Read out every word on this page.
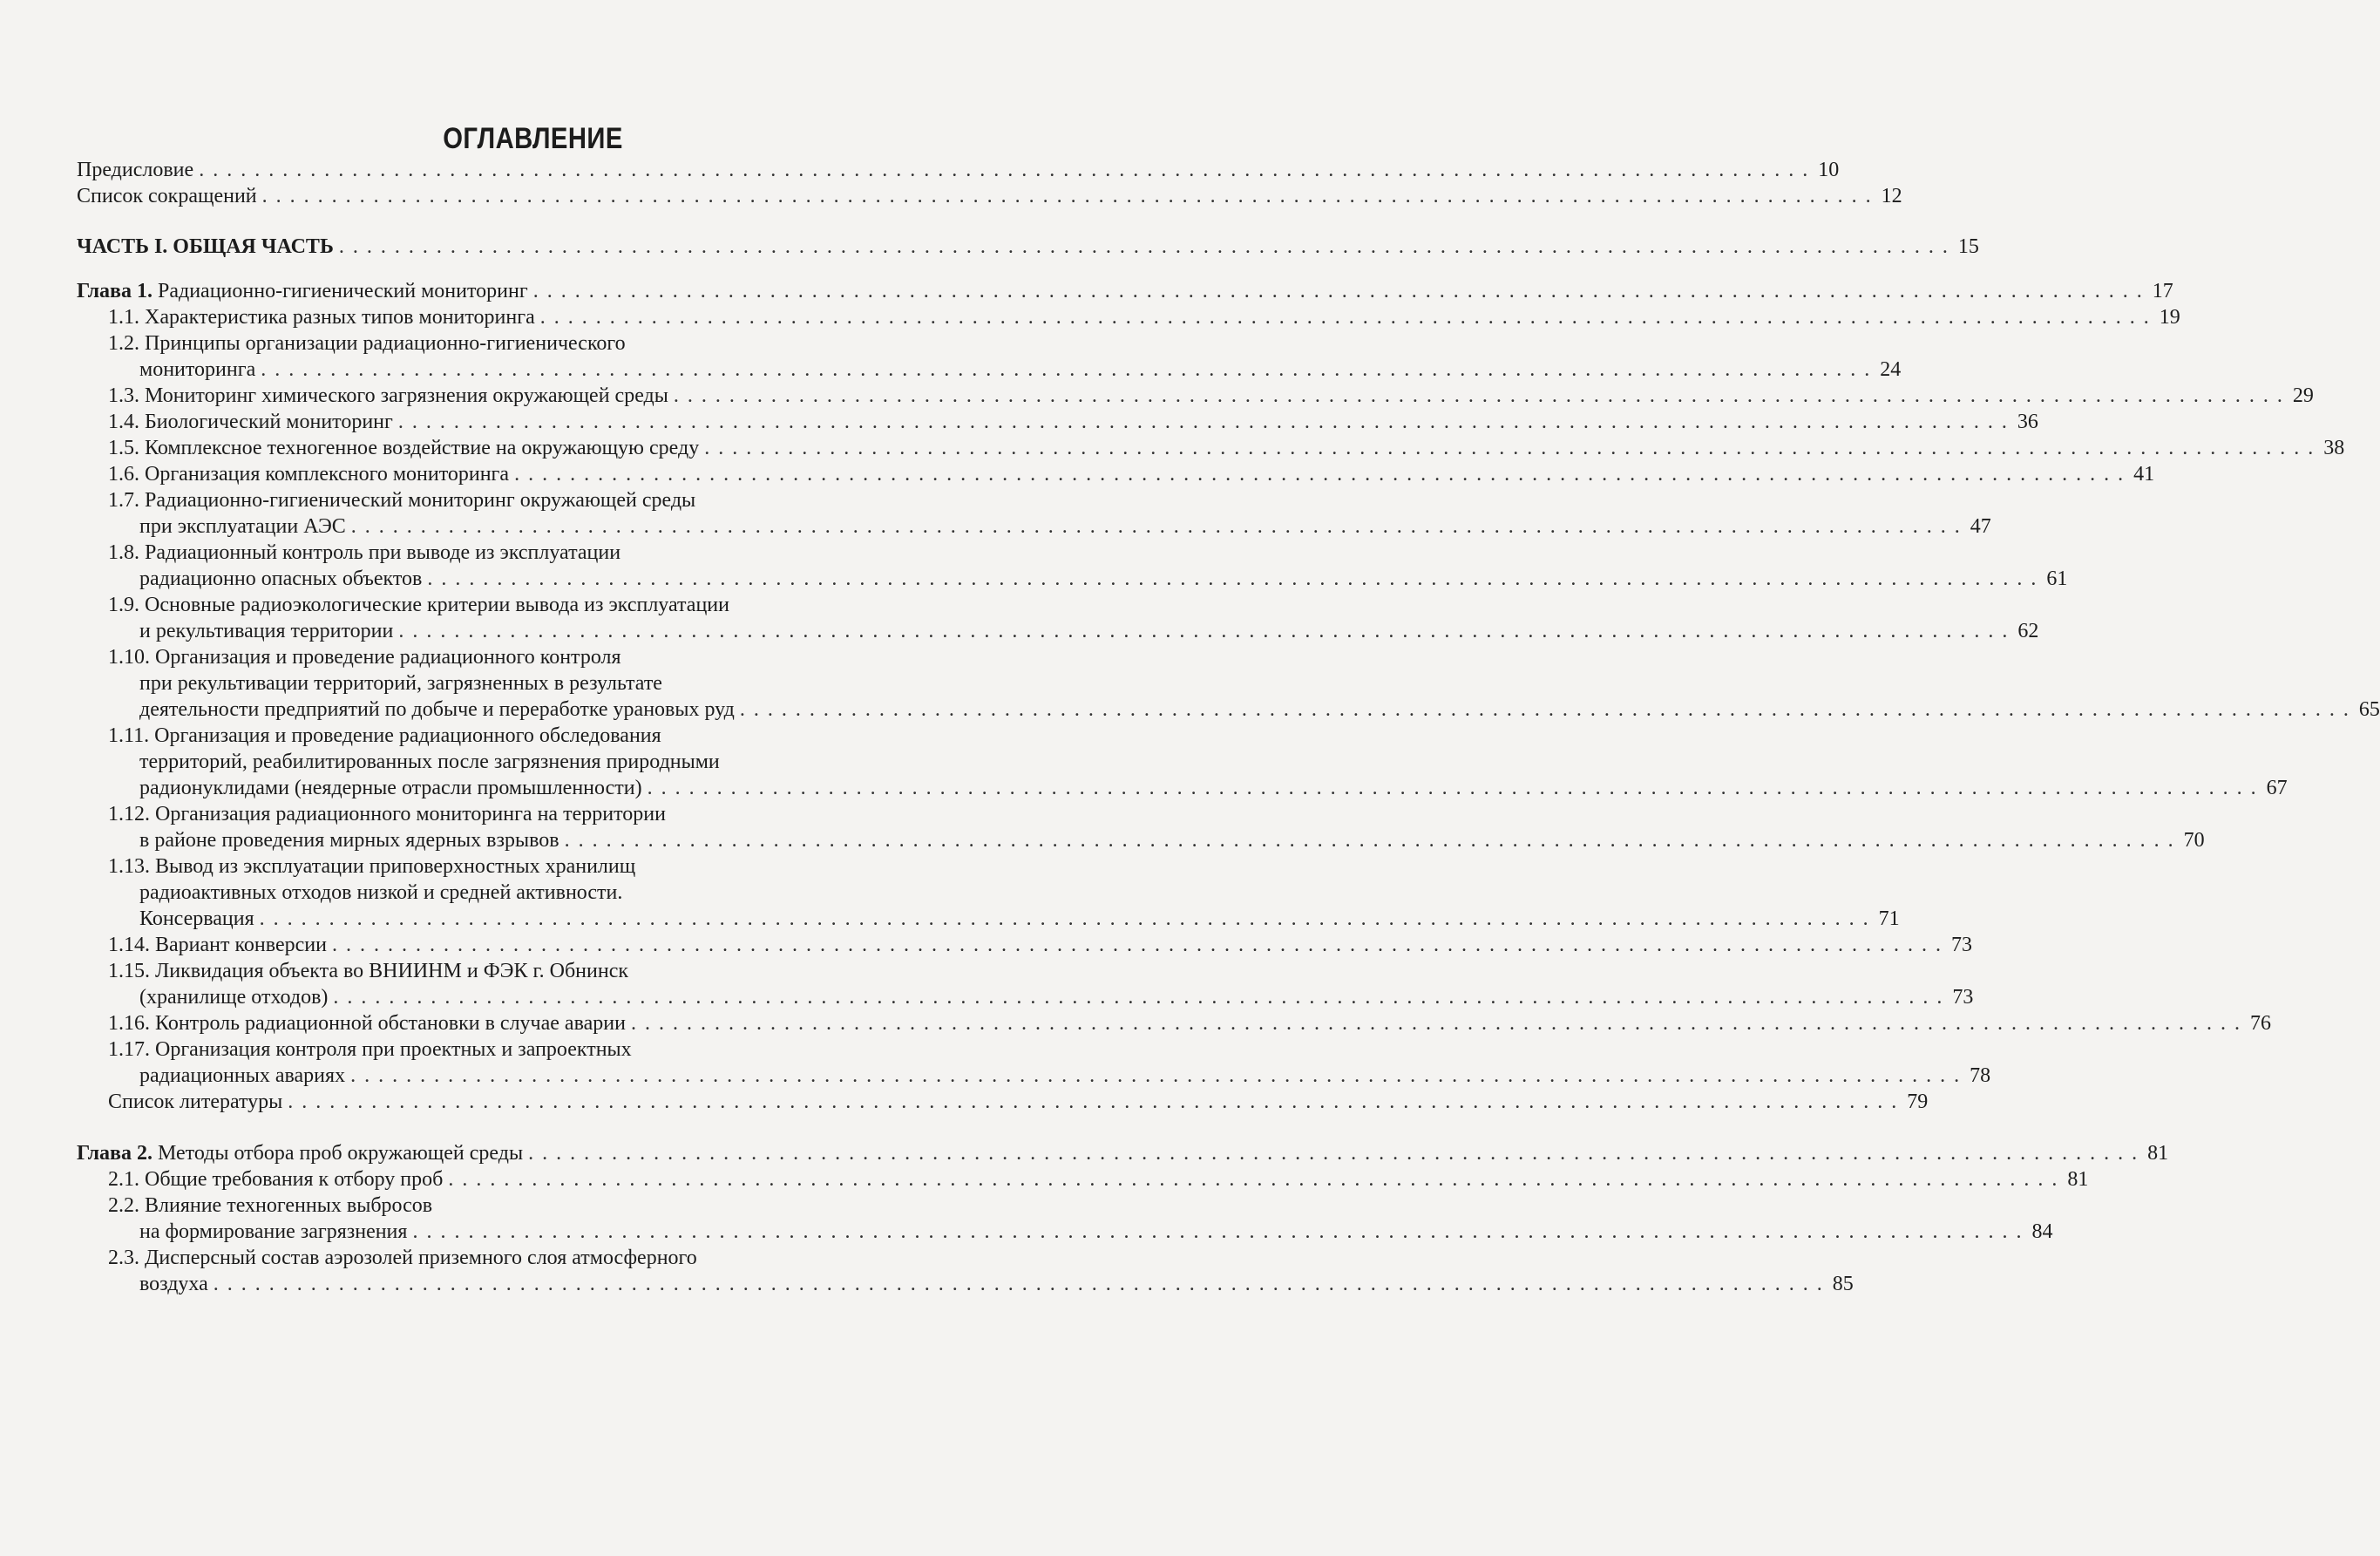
ОГЛАВЛЕНИЕ
Предисловие . . . . . . . . . . . . . . . . . . . . . . . . . . . . . . . . . . . . . . . . . . . . . . . . . . . . . . . . . . . . . . . . . . . . . . . . . . . . . . . . . . . . . . . . . . . . . . . . . . . . . . . . . . . . . . . . . . . . 10
Список сокращений . . . . . . . . . . . . . . . . . . . . . . . . . . . . . . . . . . . . . . . . . . . . . . . . . . . . . . . . . . . . . . . . . . . . . . . . . . . . . . . . . . . . . . . . . . . . . . . . . . . . . . . . . . . . . . . . . . . . 12
ЧАСТЬ I. ОБЩАЯ ЧАСТЬ . . . . . . . . . . . . . . . . . . . . . . . . . . . . . . . . . . . . . . . . . . . . . . . . . . . . . . . . . . . . . . . . . . . . . . . . . . . . . . . . . . . . . . . . . . . . . . . . . . . . . . . . . . . . . . . . . . . . 15
Глава 1. Радиационно-гигиенический мониторинг . . . . . . . . . . . . . . . . . . . . . . . . . . . . . . . . . . . . . . . . . . . . . . . . . . . . . . . . . . . . . . . . . . . . . . . . . . . . . . . . . . . . . . . . . . . . . . . . . . . . . . . . . . . . . . . . . . . . 17
1.1. Характеристика разных типов мониторинга . . . . . . . . . . . . . . . . . . . . . . . . . . . . . . . . . . . . . . . . . . . . . . . . . . . . . . . . . . . . . . . . . . . . . . . . . . . . . . . . . . . . . . . . . . . . . . . . . . . . . . . . . . . . . . . . . . . . 19
1.2. Принципы организации радиационно-гигиенического
мониторинга . . . . . . . . . . . . . . . . . . . . . . . . . . . . . . . . . . . . . . . . . . . . . . . . . . . . . . . . . . . . . . . . . . . . . . . . . . . . . . . . . . . . . . . . . . . . . . . . . . . . . . . . . . . . . . . . . . . . 24
1.3. Мониторинг химического загрязнения окружающей среды . . . . . . . . . . . . . . . . . . . . . . . . . . . . . . . . . . . . . . . . . . . . . . . . . . . . . . . . . . . . . . . . . . . . . . . . . . . . . . . . . . . . . . . . . . . . . . . . . . . . . . . . . . . . . . . . . . . . 29
1.4. Биологический мониторинг . . . . . . . . . . . . . . . . . . . . . . . . . . . . . . . . . . . . . . . . . . . . . . . . . . . . . . . . . . . . . . . . . . . . . . . . . . . . . . . . . . . . . . . . . . . . . . . . . . . . . . . . . . . . . . . . . . . . 36
1.5. Комплексное техногенное воздействие на окружающую среду . . . . . . . . . . . . . . . . . . . . . . . . . . . . . . . . . . . . . . . . . . . . . . . . . . . . . . . . . . . . . . . . . . . . . . . . . . . . . . . . . . . . . . . . . . . . . . . . . . . . . . . . . . . . . . . . . . . . 38
1.6. Организация комплексного мониторинга . . . . . . . . . . . . . . . . . . . . . . . . . . . . . . . . . . . . . . . . . . . . . . . . . . . . . . . . . . . . . . . . . . . . . . . . . . . . . . . . . . . . . . . . . . . . . . . . . . . . . . . . . . . . . . . . . . . . 41
1.7. Радиационно-гигиенический мониторинг окружающей среды
при эксплуатации АЭС . . . . . . . . . . . . . . . . . . . . . . . . . . . . . . . . . . . . . . . . . . . . . . . . . . . . . . . . . . . . . . . . . . . . . . . . . . . . . . . . . . . . . . . . . . . . . . . . . . . . . . . . . . . . . . . . . . . . 47
1.8. Радиационный контроль при выводе из эксплуатации
радиационно опасных объектов . . . . . . . . . . . . . . . . . . . . . . . . . . . . . . . . . . . . . . . . . . . . . . . . . . . . . . . . . . . . . . . . . . . . . . . . . . . . . . . . . . . . . . . . . . . . . . . . . . . . . . . . . . . . . . . . . . . . 61
1.9. Основные радиоэкологические критерии вывода из эксплуатации
и рекультивация территории . . . . . . . . . . . . . . . . . . . . . . . . . . . . . . . . . . . . . . . . . . . . . . . . . . . . . . . . . . . . . . . . . . . . . . . . . . . . . . . . . . . . . . . . . . . . . . . . . . . . . . . . . . . . . . . . . . . . 62
1.10. Организация и проведение радиационного контроля
при рекультивации территорий, загрязненных в результате
деятельности предприятий по добыче и переработке урановых руд . . . . . . . . . . . . . . . . . . . . . . . . . . . . . . . . . . . . . . . . . . . . . . . . . . . . . . . . . . . . . . . . . . . . . . . . . . . . . . . . . . . . . . . . . . . . . . . . . . . . . . . . . . . . . . . . . . . . 65
1.11. Организация и проведение радиационного обследования
территорий, реабилитированных после загрязнения природными
радионуклидами (неядерные отрасли промышленности) . . . . . . . . . . . . . . . . . . . . . . . . . . . . . . . . . . . . . . . . . . . . . . . . . . . . . . . . . . . . . . . . . . . . . . . . . . . . . . . . . . . . . . . . . . . . . . . . . . . . . . . . . . . . . . . . . . . . 67
1.12. Организация радиационного мониторинга на территории
в районе проведения мирных ядерных взрывов . . . . . . . . . . . . . . . . . . . . . . . . . . . . . . . . . . . . . . . . . . . . . . . . . . . . . . . . . . . . . . . . . . . . . . . . . . . . . . . . . . . . . . . . . . . . . . . . . . . . . . . . . . . . . . . . . . . . 70
1.13. Вывод из эксплуатации приповерхностных хранилищ
радиоактивных отходов низкой и средней активности.
Консервация . . . . . . . . . . . . . . . . . . . . . . . . . . . . . . . . . . . . . . . . . . . . . . . . . . . . . . . . . . . . . . . . . . . . . . . . . . . . . . . . . . . . . . . . . . . . . . . . . . . . . . . . . . . . . . . . . . . . 71
1.14. Вариант конверсии . . . . . . . . . . . . . . . . . . . . . . . . . . . . . . . . . . . . . . . . . . . . . . . . . . . . . . . . . . . . . . . . . . . . . . . . . . . . . . . . . . . . . . . . . . . . . . . . . . . . . . . . . . . . . . . . . . . . 73
1.15. Ликвидация объекта во ВНИИНМ и ФЭК г. Обнинск
(хранилище отходов) . . . . . . . . . . . . . . . . . . . . . . . . . . . . . . . . . . . . . . . . . . . . . . . . . . . . . . . . . . . . . . . . . . . . . . . . . . . . . . . . . . . . . . . . . . . . . . . . . . . . . . . . . . . . . . . . . . . . 73
1.16. Контроль радиационной обстановки в случае аварии . . . . . . . . . . . . . . . . . . . . . . . . . . . . . . . . . . . . . . . . . . . . . . . . . . . . . . . . . . . . . . . . . . . . . . . . . . . . . . . . . . . . . . . . . . . . . . . . . . . . . . . . . . . . . . . . . . . . 76
1.17. Организация контроля при проектных и запроектных
радиационных авариях . . . . . . . . . . . . . . . . . . . . . . . . . . . . . . . . . . . . . . . . . . . . . . . . . . . . . . . . . . . . . . . . . . . . . . . . . . . . . . . . . . . . . . . . . . . . . . . . . . . . . . . . . . . . . . . . . . . . 78
Список литературы . . . . . . . . . . . . . . . . . . . . . . . . . . . . . . . . . . . . . . . . . . . . . . . . . . . . . . . . . . . . . . . . . . . . . . . . . . . . . . . . . . . . . . . . . . . . . . . . . . . . . . . . . . . . . . . . . . . . 79
Глава 2. Методы отбора проб окружающей среды . . . . . . . . . . . . . . . . . . . . . . . . . . . . . . . . . . . . . . . . . . . . . . . . . . . . . . . . . . . . . . . . . . . . . . . . . . . . . . . . . . . . . . . . . . . . . . . . . . . . . . . . . . . . . . . . . . . . 81
2.1. Общие требования к отбору проб . . . . . . . . . . . . . . . . . . . . . . . . . . . . . . . . . . . . . . . . . . . . . . . . . . . . . . . . . . . . . . . . . . . . . . . . . . . . . . . . . . . . . . . . . . . . . . . . . . . . . . . . . . . . . . . . . . . . 81
2.2. Влияние техногенных выбросов
на формирование загрязнения . . . . . . . . . . . . . . . . . . . . . . . . . . . . . . . . . . . . . . . . . . . . . . . . . . . . . . . . . . . . . . . . . . . . . . . . . . . . . . . . . . . . . . . . . . . . . . . . . . . . . . . . . . . . . . . . . . . . 84
2.3. Дисперсный состав аэрозолей приземного слоя атмосферного
воздуха . . . . . . . . . . . . . . . . . . . . . . . . . . . . . . . . . . . . . . . . . . . . . . . . . . . . . . . . . . . . . . . . . . . . . . . . . . . . . . . . . . . . . . . . . . . . . . . . . . . . . . . . . . . . . . . . . . . . 85
